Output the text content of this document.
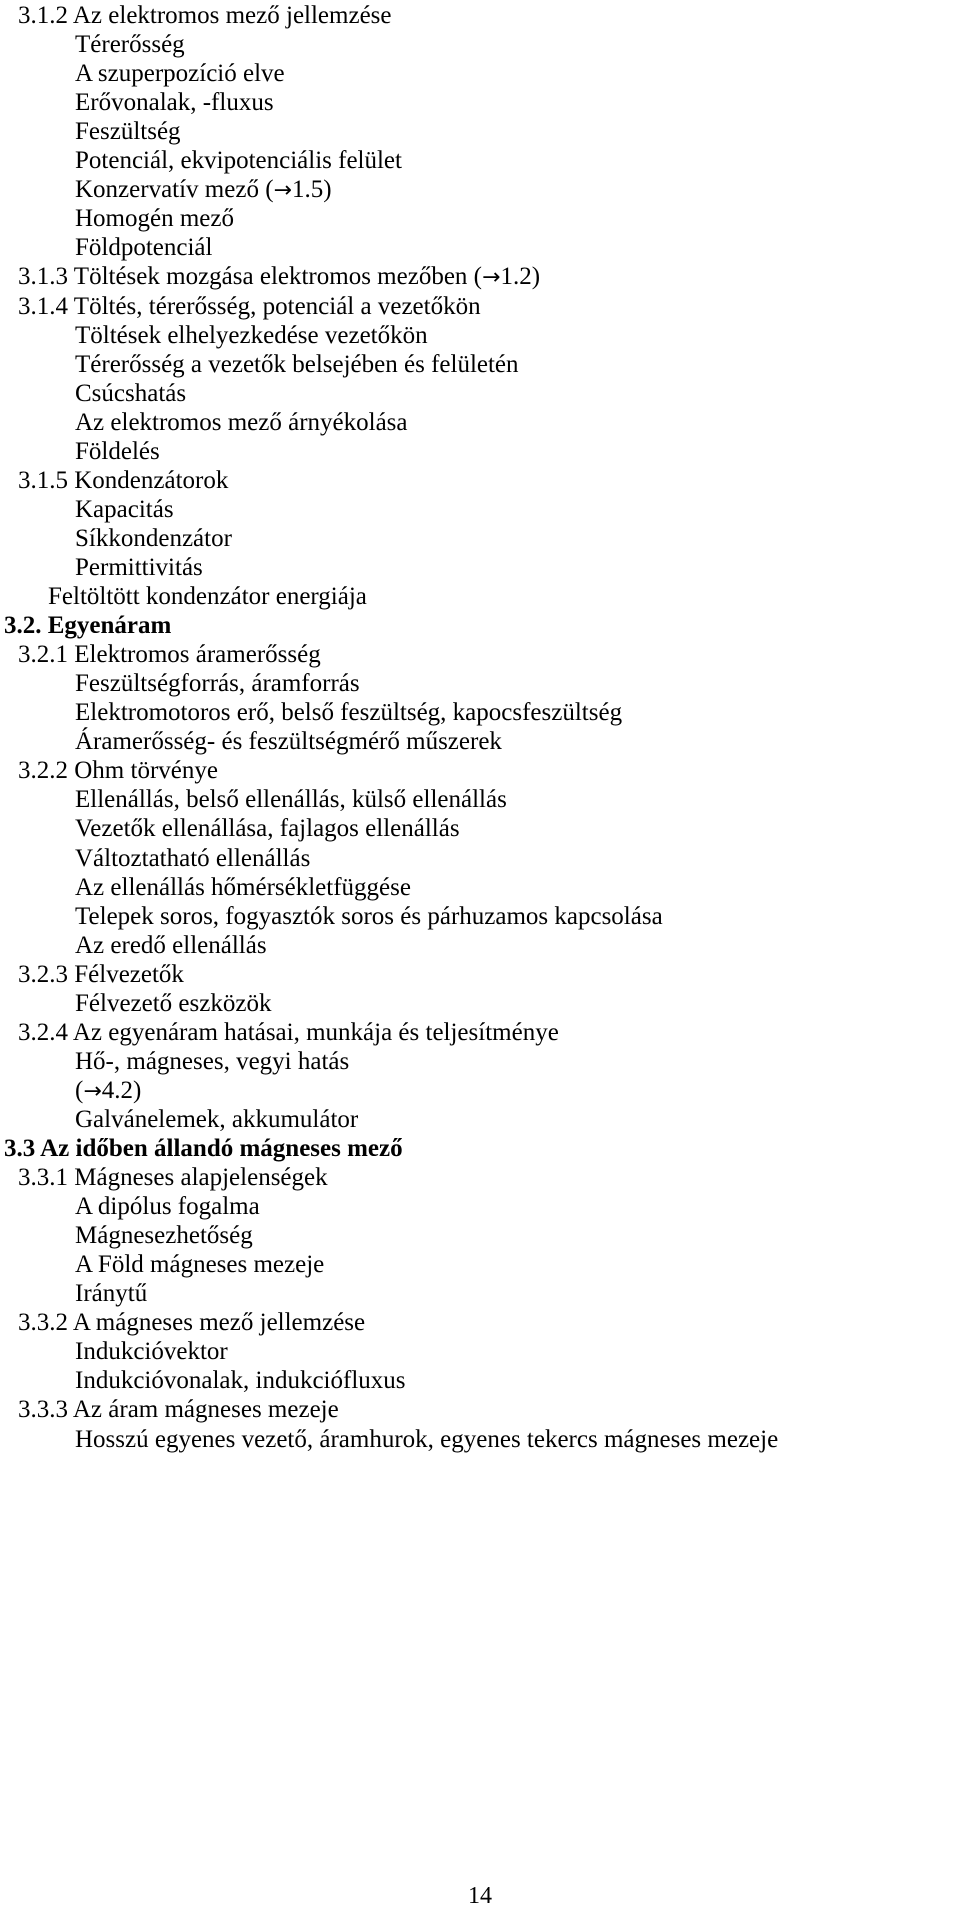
3.1.2 Az elektromos mező jellemzése
Térerősség
A szuperpozíció elve
Erővonalak, -fluxus
Feszültség
Potenciál, ekvipotenciális felület
Konzervatív mező (→1.5)
Homogén mező
Földpotenciál
3.1.3 Töltések mozgása elektromos mezőben (→1.2)
3.1.4 Töltés, térerősség, potenciál a vezetőkön
Töltések elhelyezkedése vezetőkön
Térerősség a vezetők belsejében és felületén
Csúcshatás
Az elektromos mező árnyékolása
Földelés
3.1.5 Kondenzátorok
Kapacitás
Síkkondenzátor
Permittivitás
Feltöltött kondenzátor energiája
3.2. Egyenáram
3.2.1 Elektromos áramerősség
Feszültségforrás, áramforrás
Elektromotoros erő, belső feszültség, kapocsfeszültség
Áramerősség- és feszültségmérő műszerek
3.2.2 Ohm törvénye
Ellenállás, belső ellenállás, külső ellenállás
Vezetők ellenállása, fajlagos ellenállás
Változtatható ellenállás
Az ellenállás hőmérsékletfüggése
Telepek soros, fogyasztók soros és párhuzamos kapcsolása
Az eredő ellenállás
3.2.3 Félvezetők
Félvezető eszközök
3.2.4 Az egyenáram hatásai, munkája és teljesítménye
Hő-, mágneses, vegyi hatás
(→4.2)
Galvánelemek, akkumulátor
3.3 Az időben állandó mágneses mező
3.3.1 Mágneses alapjelenségek
A dipólus fogalma
Mágnesezhetőség
A Föld mágneses mezeje
Iránytű
3.3.2 A mágneses mező jellemzése
Indukcióvektor
Indukcióvonalak, indukciófluxus
3.3.3 Az áram mágneses mezeje
Hosszú egyenes vezető, áramhurok, egyenes tekercs mágneses mezeje
14
